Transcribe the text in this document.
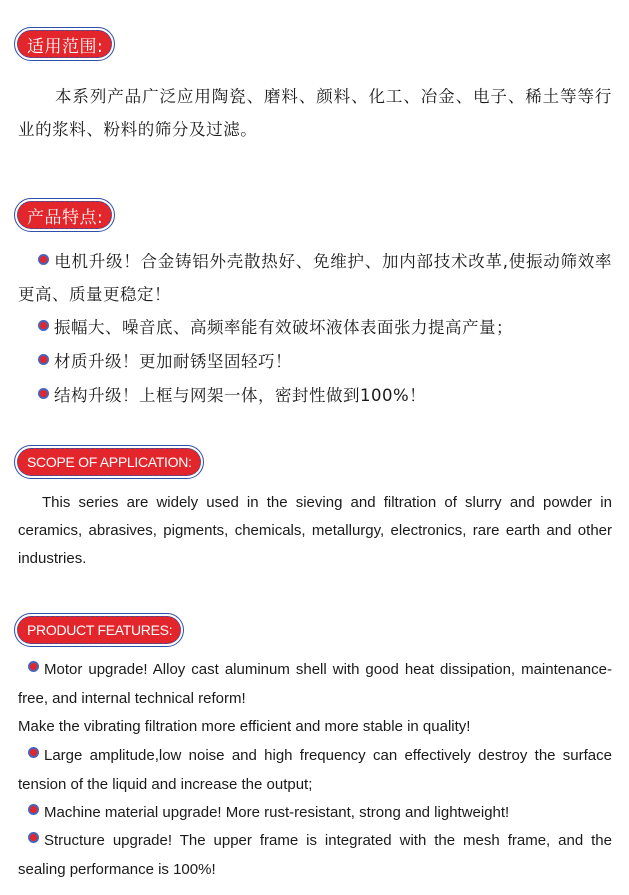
适用范围:

本系列产品广泛应用陶瓷、磨料、颜料、化工、冶金、电子、稀土等等行业的浆料、粉料的筛分及过滤。

产品特点:

电机升级！合金铸铝外壳散热好、免维护、加内部技术改革,使振动筛效率更高、质量更稳定！

振幅大、噪音底、高频率能有效破坏液体表面张力提高产量；

材质升级！更加耐锈坚固轻巧！

结构升级！上框与网架一体，密封性做到100%！

SCOPE OF APPLICATION:

This series are widely used in the sieving and filtration of slurry and powder in ceramics, abrasives, pigments, chemicals, metallurgy, electronics, rare earth and other industries.

PRODUCT FEATURES:

Motor upgrade! Alloy cast aluminum shell with good heat dissipation, maintenance-free, and internal technical reform!

Make the vibrating filtration more efficient and more stable in quality!

Large amplitude,low noise and high frequency can effectively destroy the surface tension of the liquid and increase the output;

Machine material upgrade! More rust-resistant, strong and lightweight!

Structure upgrade! The upper frame is integrated with the mesh frame, and the sealing performance is 100%!
